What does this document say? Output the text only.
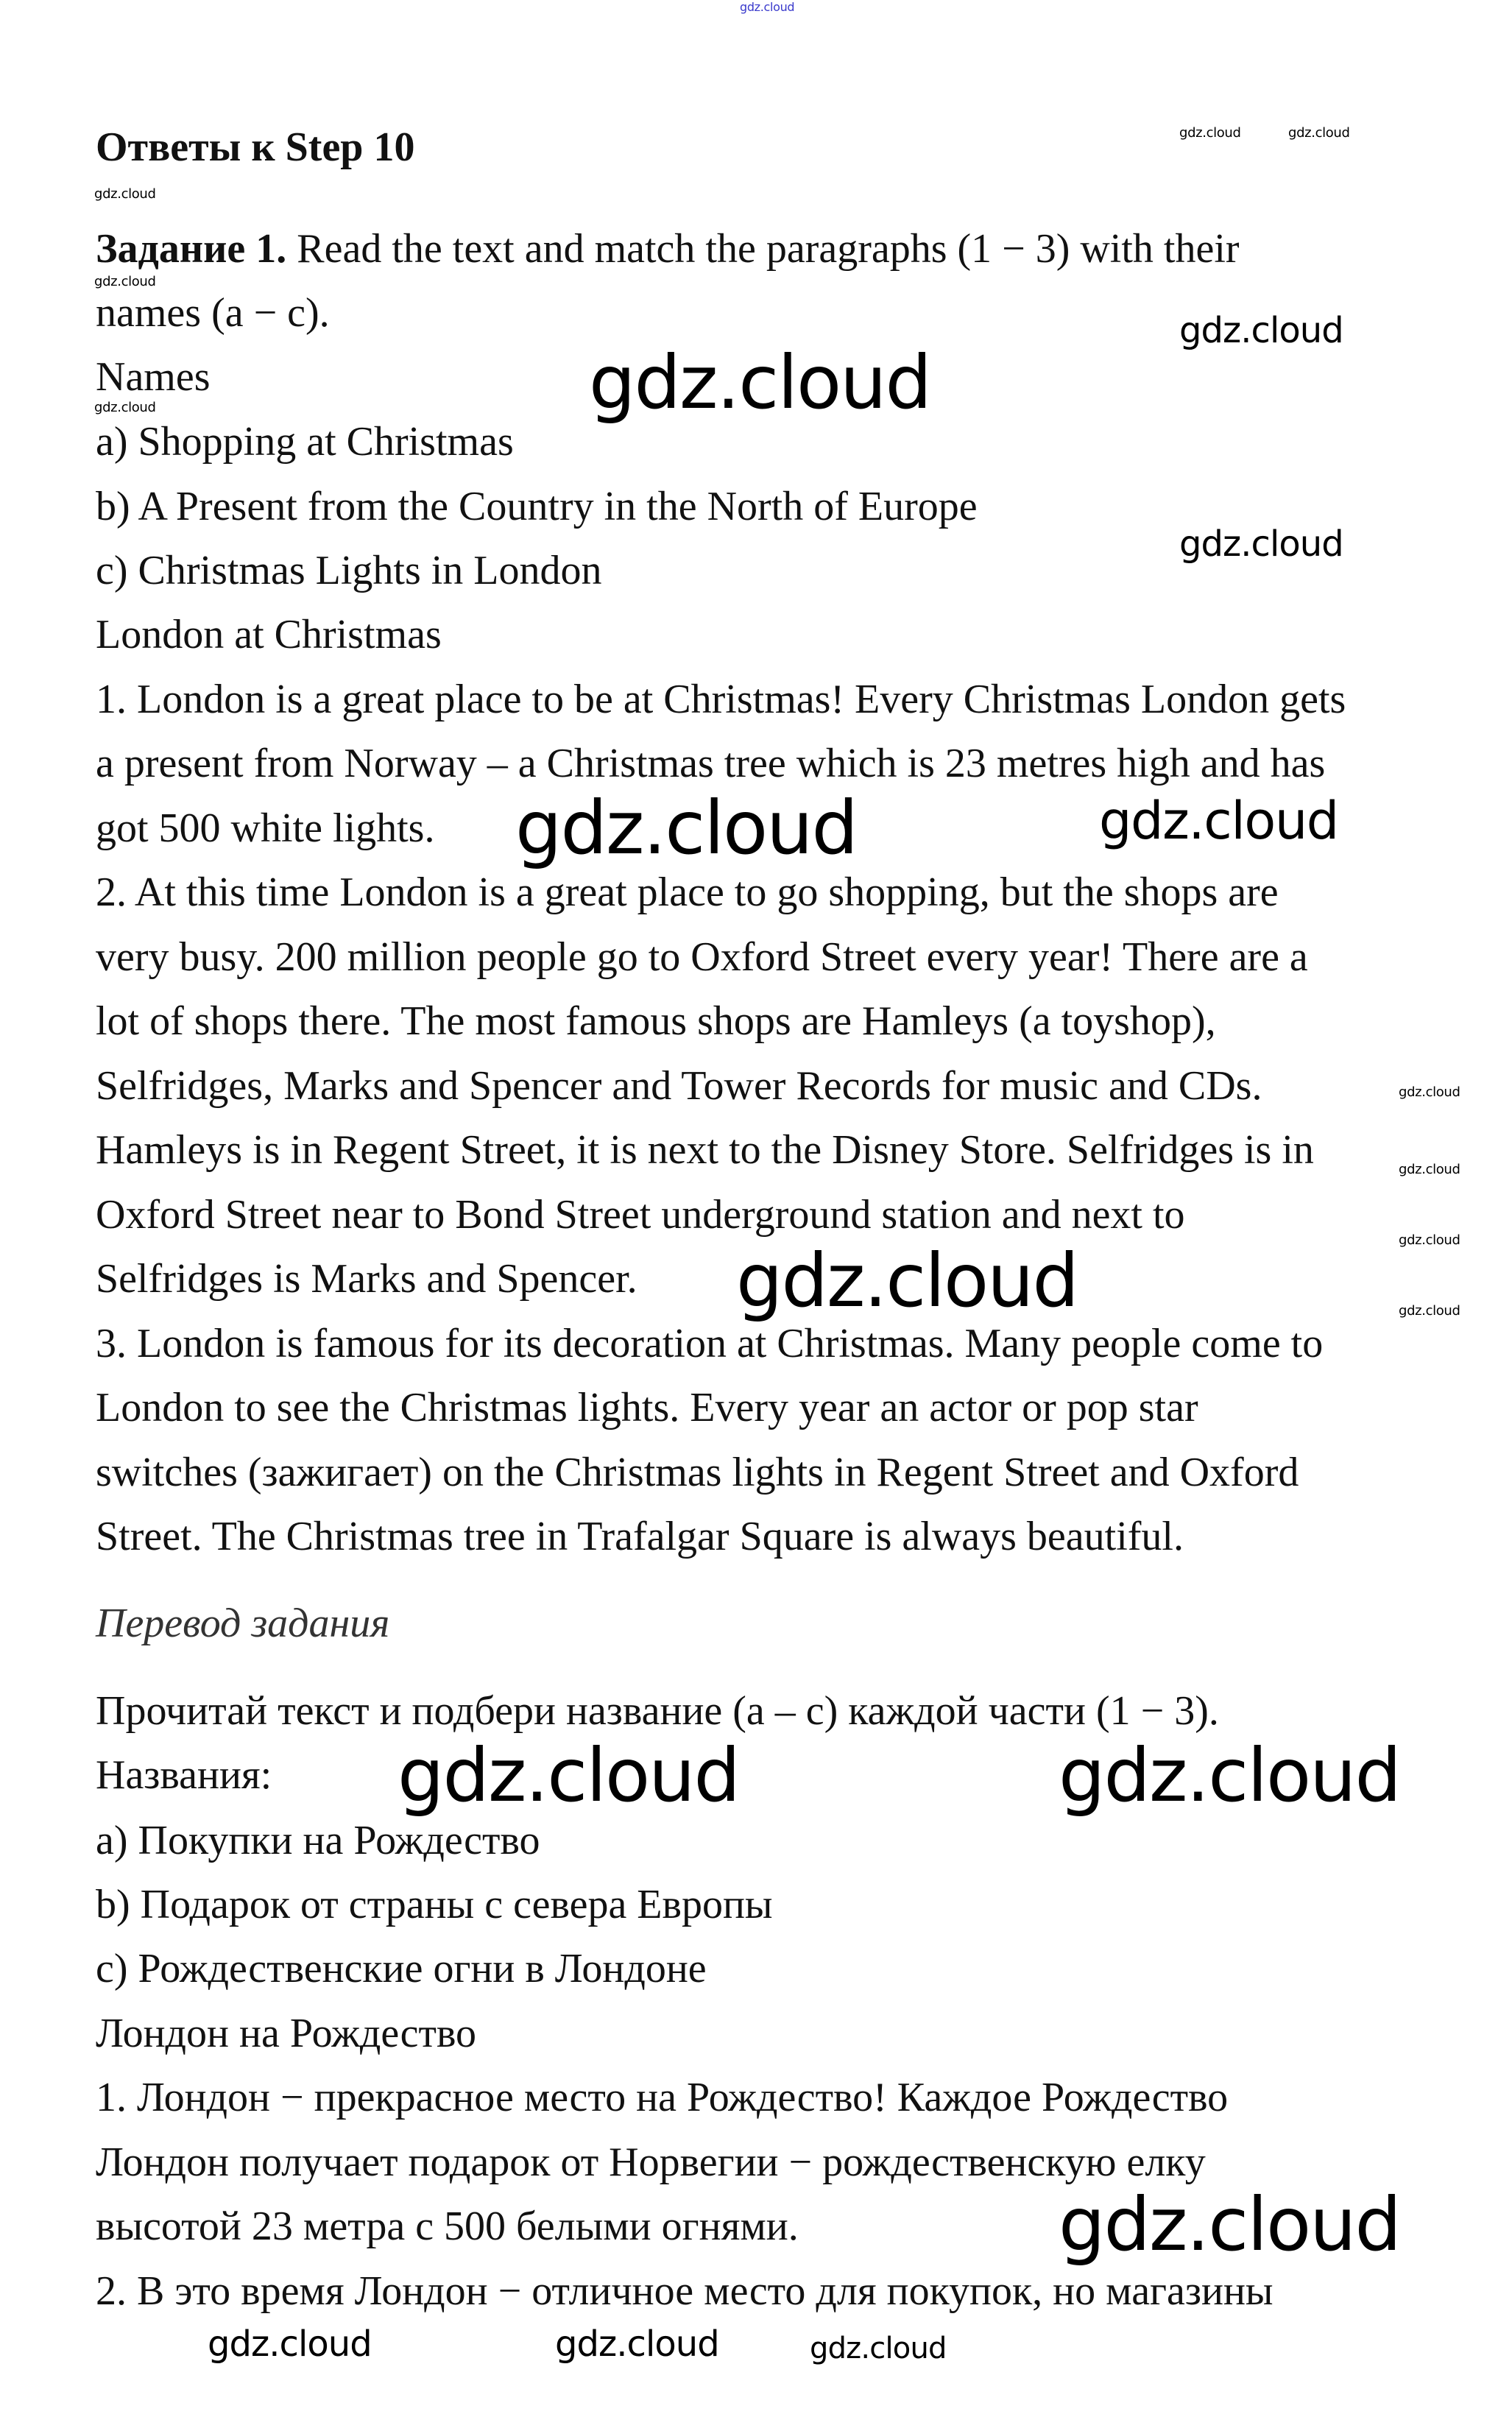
Ответы к Step 10
Задание 1. Read the text and match the paragraphs (1 − 3) with their
names (a − c).
Names
a) Shopping at Christmas
b) A Present from the Country in the North of Europe
c) Christmas Lights in London
London at Christmas
1. London is a great place to be at Christmas! Every Christmas London gets
a present from Norway – a Christmas tree which is 23 metres high and has
got 500 white lights.
2. At this time London is a great place to go shopping, but the shops are
very busy. 200 million people go to Oxford Street every year! There are a
lot of shops there. The most famous shops are Hamleys (a toyshop),
Selfridges, Marks and Spencer and Tower Records for music and CDs.
Hamleys is in Regent Street, it is next to the Disney Store. Selfridges is in
Oxford Street near to Bond Street underground station and next to
Selfridges is Marks and Spencer.
3. London is famous for its decoration at Christmas. Many people come to
London to see the Christmas lights. Every year an actor or pop star
switches (зажигает) on the Christmas lights in Regent Street and Oxford
Street. The Christmas tree in Trafalgar Square is always beautiful.
Перевод задания
Прочитай текст и подбери название (a – c) каждой части (1 − 3).
Названия:
a) Покупки на Рождество
b) Подарок от страны с севера Европы
c) Рождественские огни в Лондоне
Лондон на Рождество
1. Лондон − прекрасное место на Рождество! Каждое Рождество
Лондон получает подарок от Норвегии − рождественскую елку
высотой 23 метра с 500 белыми огнями.
2. В это время Лондон − отличное место для покупок, но магазины
gdz.cloud
gdz.cloud	gdz.cloud
gdz.cloud
gdz.cloud
gdz.cloud
gdz.cloud	gdz.cloud
gdz.cloud
gdz.cloud	gdz.cloud
gdz.cloud
gdz.cloud
gdz.cloud
gdz.cloud
gdz.cloud
gdz.cloud
gdz.cloud	gdz.cloud
gdz.cloud
gdz.cloud	gdz.cloud
